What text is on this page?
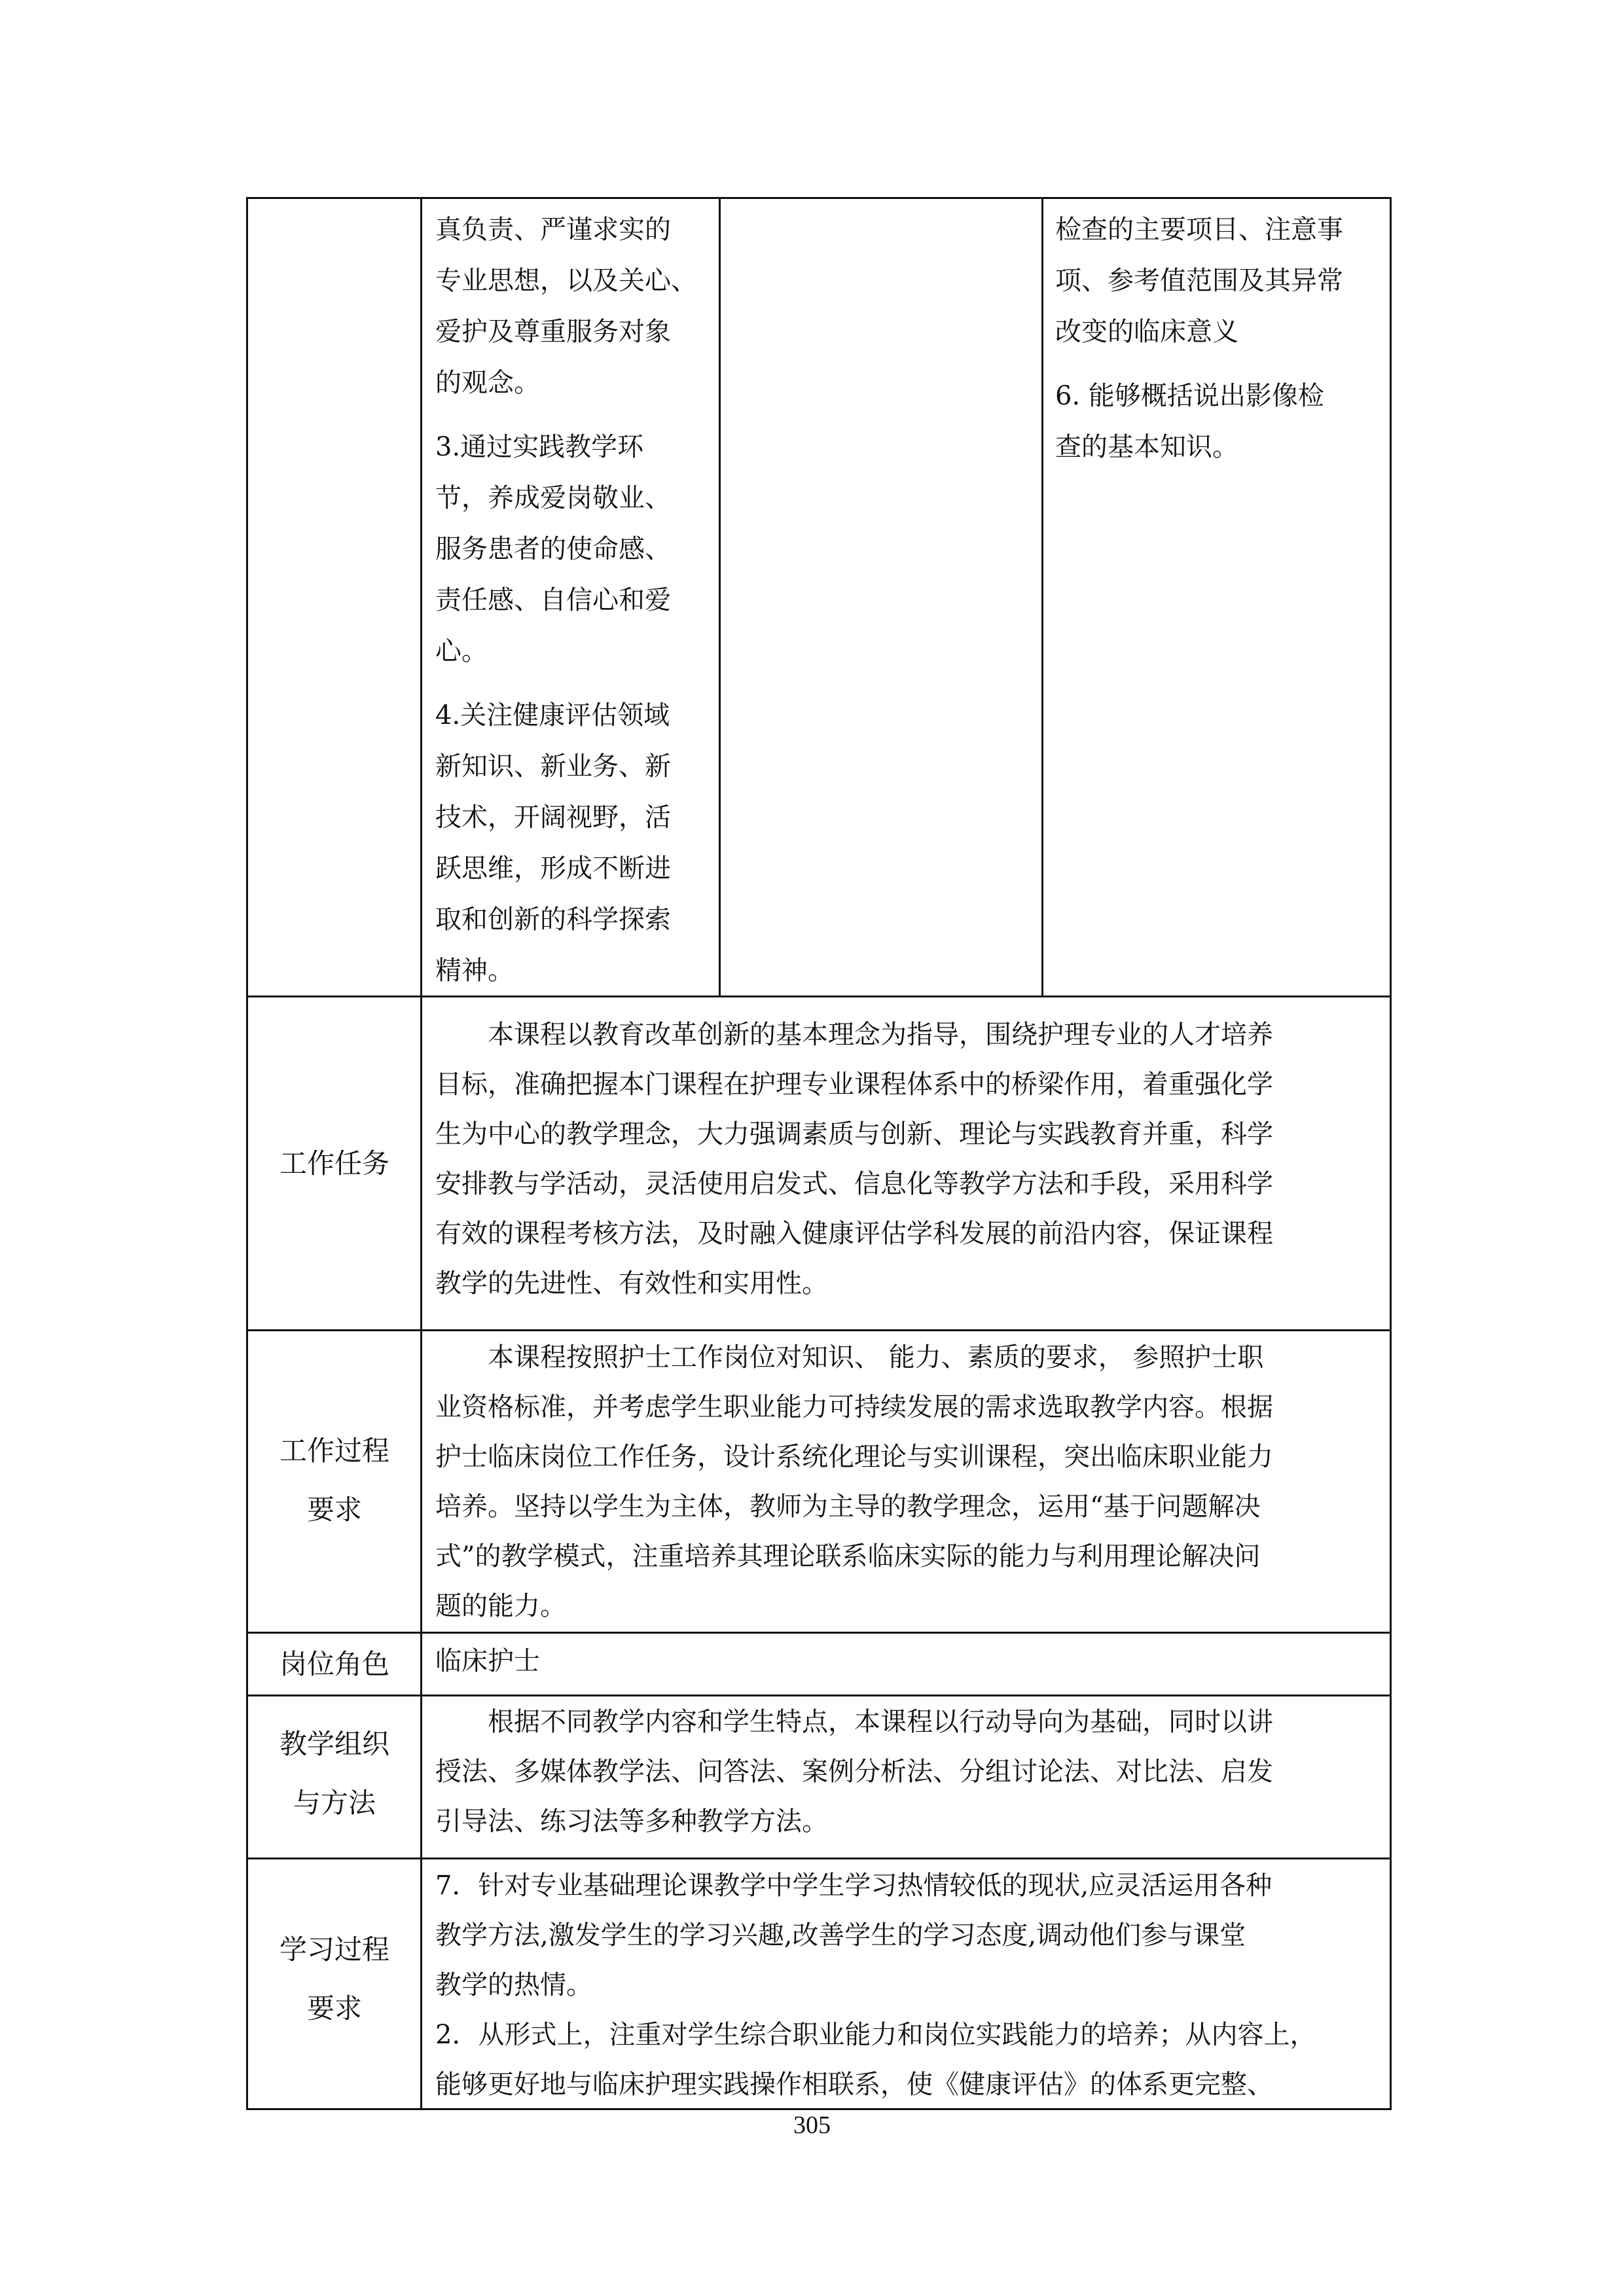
真负责、严谨求实的
专业思想，以及关心、
爱护及尊重服务对象
的观念。
3.通过实践教学环
节，养成爱岗敬业、
服务患者的使命感、
责任感、自信心和爱
心。
4.关注健康评估领域
新知识、新业务、新
技术，开阔视野，活
跃思维，形成不断进
取和创新的科学探索
精神。
检查的主要项目、注意事
项、参考值范围及其异常
改变的临床意义
6. 能够概括说出影像检
查的基本知识。
工作任务
　　本课程以教育改革创新的基本理念为指导，围绕护理专业的人才培养
目标，准确把握本门课程在护理专业课程体系中的桥梁作用，着重强化学
生为中心的教学理念，大力强调素质与创新、理论与实践教育并重，科学
安排教与学活动，灵活使用启发式、信息化等教学方法和手段，采用科学
有效的课程考核方法，及时融入健康评估学科发展的前沿内容，保证课程
教学的先进性、有效性和实用性。
工作过程
要求
　　本课程按照护士工作岗位对知识、 能力、素质的要求， 参照护士职
业资格标准，并考虑学生职业能力可持续发展的需求选取教学内容。根据
护士临床岗位工作任务，设计系统化理论与实训课程，突出临床职业能力
培养。坚持以学生为主体，教师为主导的教学理念，运用“基于问题解决
式”的教学模式，注重培养其理论联系临床实际的能力与利用理论解决问
题的能力。
岗位角色	临床护士
教学组织
与方法
　　根据不同教学内容和学生特点，本课程以行动导向为基础，同时以讲
授法、多媒体教学法、问答法、案例分析法、分组讨论法、对比法、启发
引导法、练习法等多种教学方法。
学习过程
要求
7．针对专业基础理论课教学中学生学习热情较低的现状,应灵活运用各种
教学方法,激发学生的学习兴趣,改善学生的学习态度,调动他们参与课堂
教学的热情。
2．从形式上，注重对学生综合职业能力和岗位实践能力的培养；从内容上，
能够更好地与临床护理实践操作相联系，使《健康评估》的体系更完整、
305
